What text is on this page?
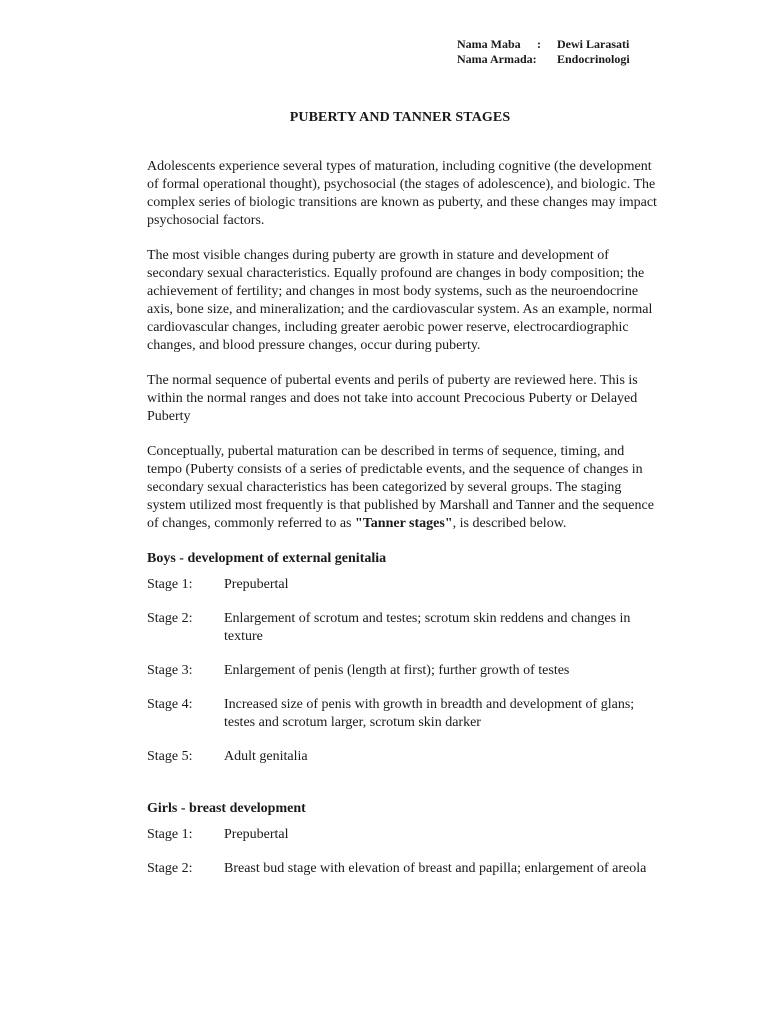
Nama Maba	:	Dewi Larasati
Nama Armada:	Endocrinologi
PUBERTY AND TANNER STAGES

Adolescents experience several types of maturation, including cognitive (the development of formal operational thought), psychosocial (the stages of adolescence), and biologic. The complex series of biologic transitions are known as puberty, and these changes may impact psychosocial factors.

The most visible changes during puberty are growth in stature and development of secondary sexual characteristics. Equally profound are changes in body composition; the achievement of fertility; and changes in most body systems, such as the neuroendocrine axis, bone size, and mineralization; and the cardiovascular system. As an example, normal cardiovascular changes, including greater aerobic power reserve, electrocardiographic changes, and blood pressure changes, occur during puberty.

The normal sequence of pubertal events and perils of puberty are reviewed here. This is within the normal ranges and does not take into account Precocious Puberty or Delayed Puberty

Conceptually, pubertal maturation can be described in terms of sequence, timing, and tempo (Puberty consists of a series of predictable events, and the sequence of changes in secondary sexual characteristics has been categorized by several groups. The staging system utilized most frequently is that published by Marshall and Tanner and the sequence of changes, commonly referred to as "Tanner stages", is described below.

Boys - development of external genitalia
Stage 1:	Prepubertal
Stage 2:	Enlargement of scrotum and testes; scrotum skin reddens and changes in texture
Stage 3:	Enlargement of penis (length at first); further growth of testes
Stage 4:	Increased size of penis with growth in breadth and development of glans; testes and scrotum larger, scrotum skin darker
Stage 5:	Adult genitalia
Girls - breast development
Stage 1:	Prepubertal
Stage 2:	Breast bud stage with elevation of breast and papilla; enlargement of areola
